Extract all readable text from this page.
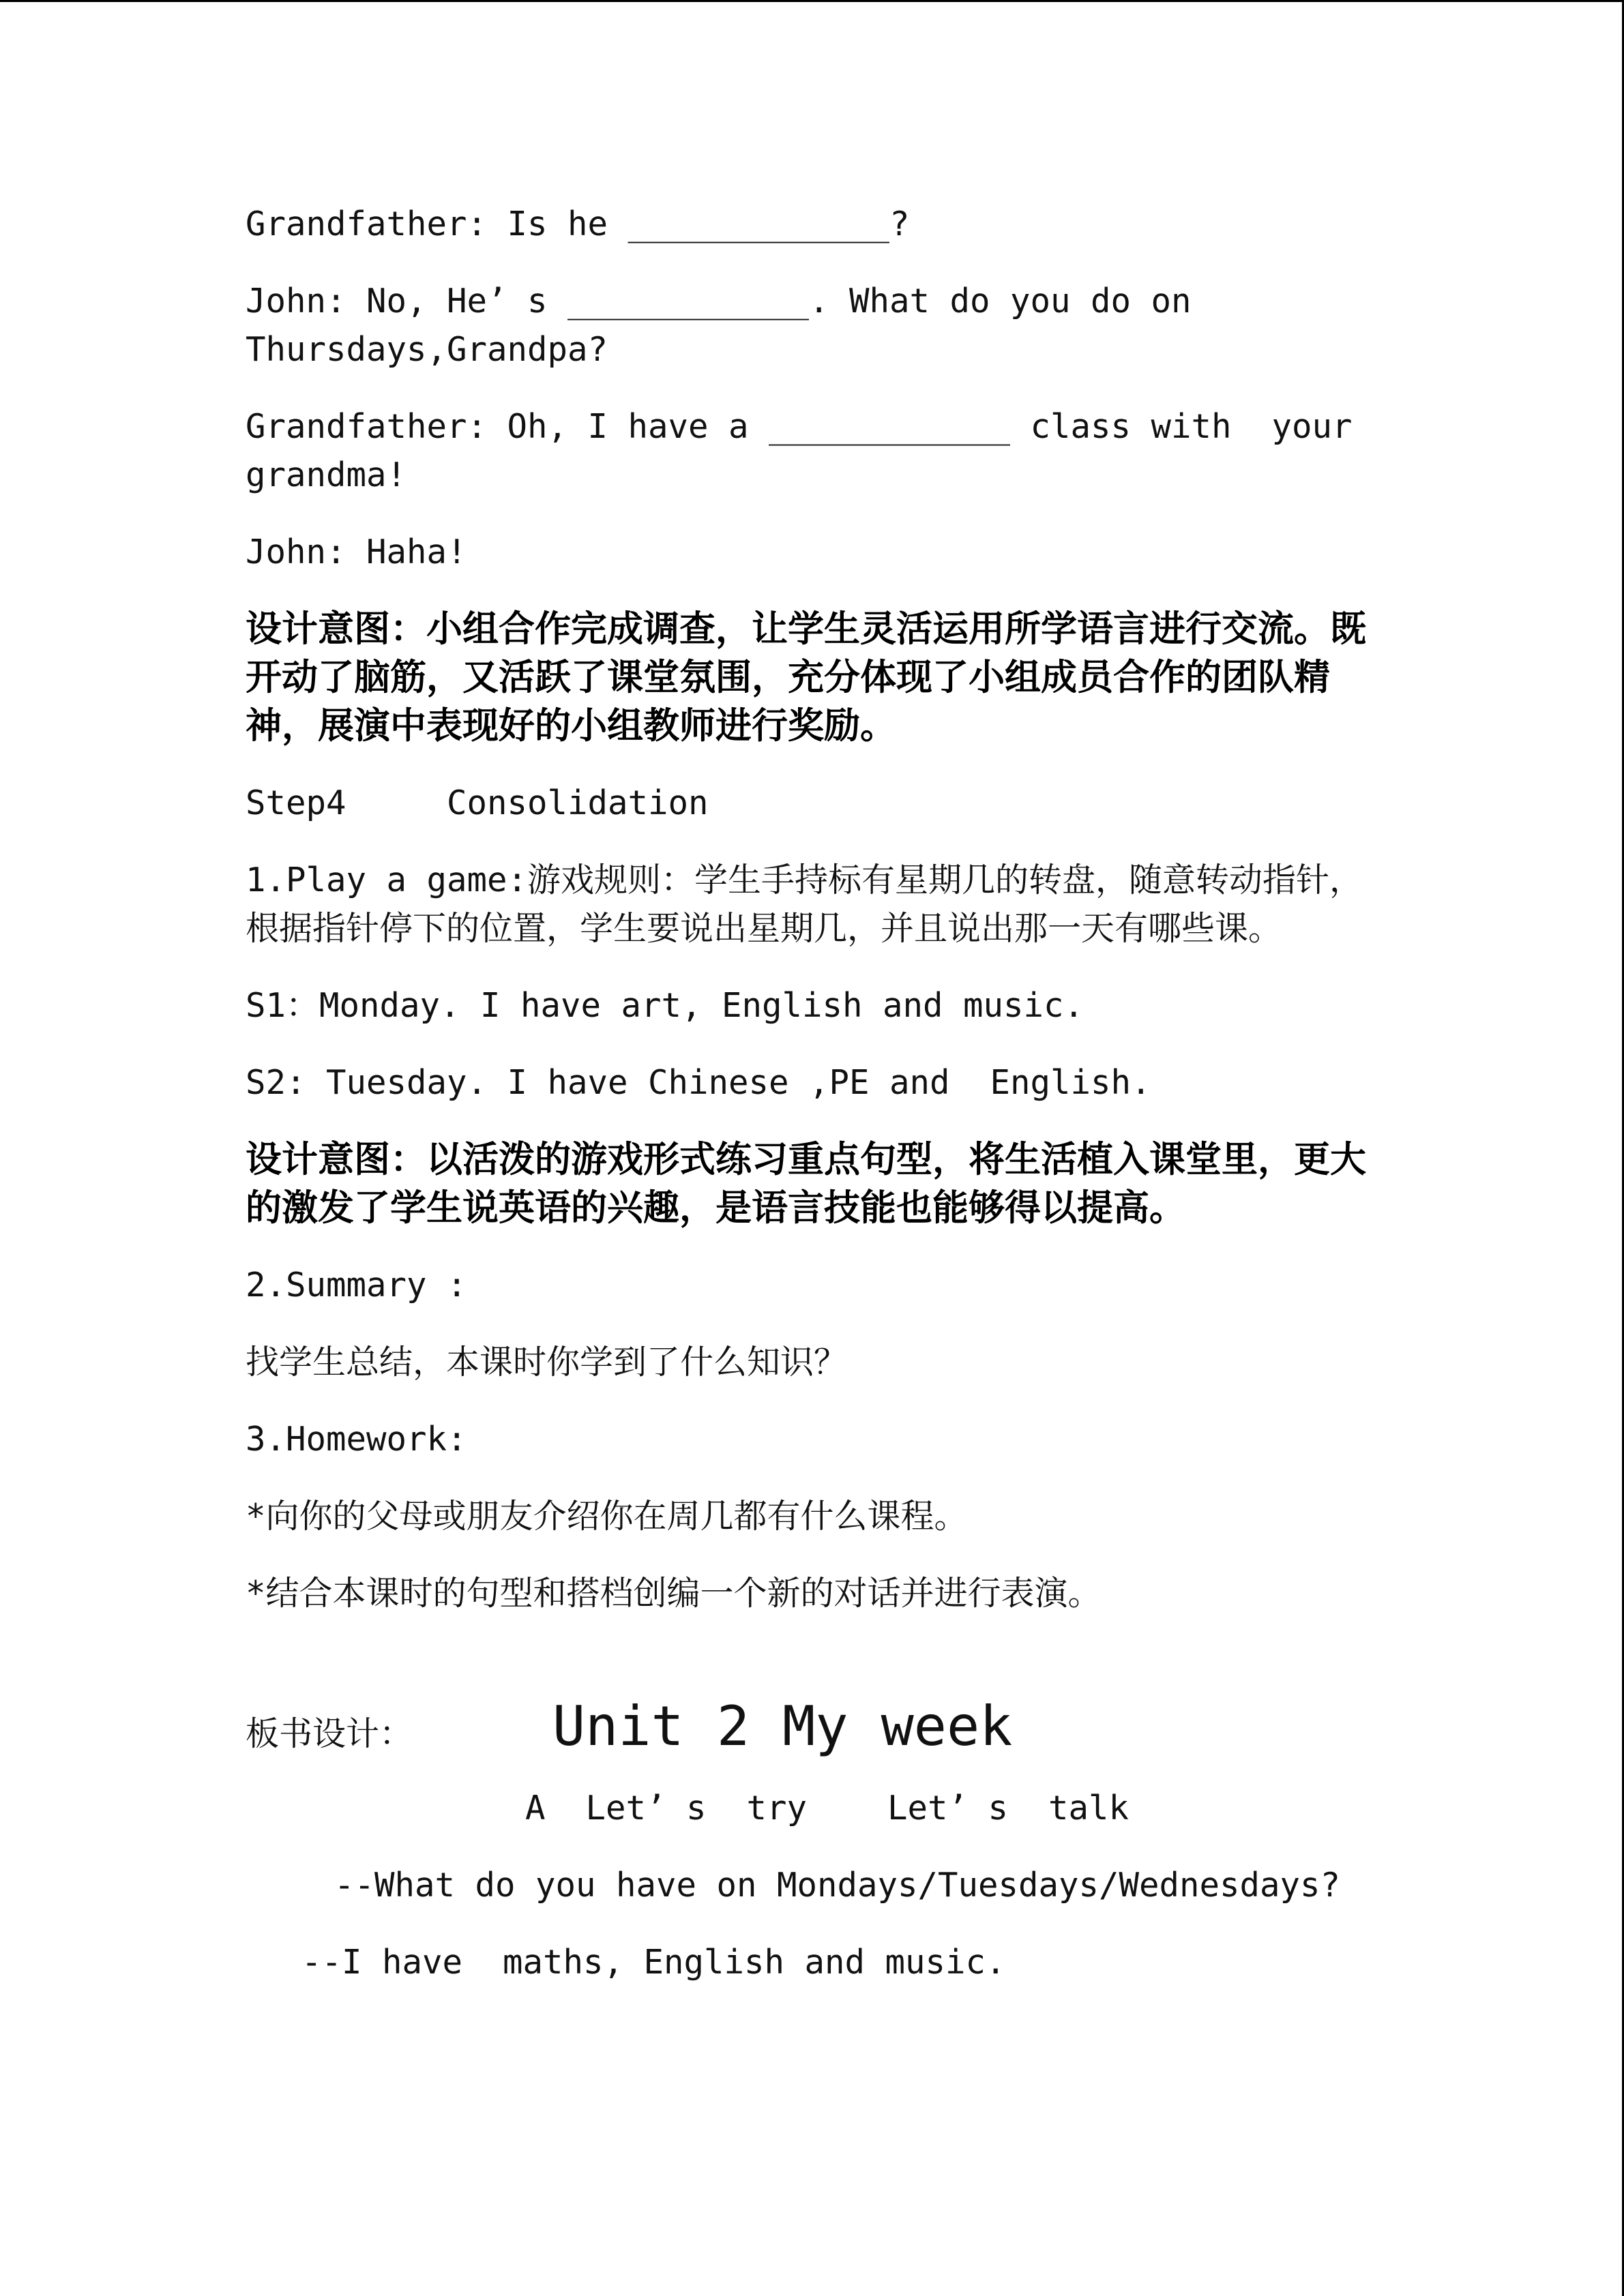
Grandfather: Is he _____________?

John: No, He’ s ____________. What do you do on Thursdays,Grandpa?

Grandfather: Oh, I have a ____________ class with  your grandma!

John: Haha!

设计意图：小组合作完成调查，让学生灵活运用所学语言进行交流。既开动了脑筋，又活跃了课堂氛围，充分体现了小组成员合作的团队精神，展演中表现好的小组教师进行奖励。

Step4     Consolidation

1.Play a game:游戏规则：学生手持标有星期几的转盘，随意转动指针，根据指针停下的位置，学生要说出星期几，并且说出那一天有哪些课。

S1：Monday. I have art, English and music.

S2: Tuesday. I have Chinese ,PE and  English.

设计意图：以活泼的游戏形式练习重点句型，将生活植入课堂里，更大的激发了学生说英语的兴趣，是语言技能也能够得以提高。

2.Summary :

找学生总结，本课时你学到了什么知识？

3.Homework:

*向你的父母或朋友介绍你在周几都有什么课程。

*结合本课时的句型和搭档创编一个新的对话并进行表演。

板书设计：	Unit 2 My week

A  Let’ s  try    Let’ s  talk

--What do you have on Mondays/Tuesdays/Wednesdays?

--I have  maths, English and music.
